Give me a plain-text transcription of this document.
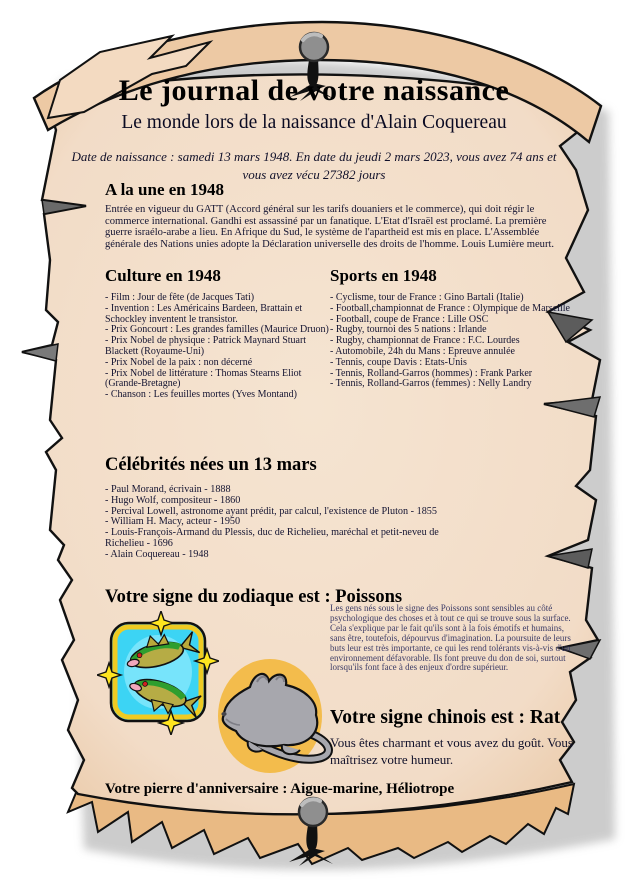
Le journal de votre naissance
Le monde lors de la naissance d'Alain Coquereau

Date de naissance : samedi 13 mars 1948. En date du jeudi 2 mars 2023, vous avez 74 ans et vous avez vécu 27382 jours

A la une en 1948

Entrée en vigueur du GATT (Accord général sur les tarifs douaniers et le commerce), qui doit régir le commerce international. Gandhi est assassiné par un fanatique. L'Etat d'Israël est proclamé. La première guerre israélo-arabe a lieu. En Afrique du Sud, le système de l'apartheid est mis en place. L'Assemblée générale des Nations unies adopte la Déclaration universelle des droits de l'homme. Louis Lumière meurt.

Culture en 1948
- Film : Jour de fête (de Jacques Tati)
- Invention : Les Américains Bardeen, Brattain et Schockley inventent le transistor.
- Prix Goncourt : Les grandes familles (Maurice Druon)
- Prix Nobel de physique : Patrick Maynard Stuart Blackett (Royaume-Uni)
- Prix Nobel de la paix : non décerné
- Prix Nobel de littérature : Thomas Stearns Eliot (Grande-Bretagne)
- Chanson : Les feuilles mortes (Yves Montand)
Sports en 1948
- Cyclisme, tour de France : Gino Bartali (Italie)
- Football,championnat de France : Olympique de Marseille
- Football, coupe de France : Lille OSC
- Rugby, tournoi des 5 nations : Irlande
- Rugby, championnat de France : F.C. Lourdes
- Automobile, 24h du Mans : Epreuve annulée
- Tennis, coupe Davis : Etats-Unis
- Tennis, Rolland-Garros (hommes) : Frank Parker
- Tennis, Rolland-Garros (femmes) : Nelly Landry
Célébrités nées un 13 mars
- Paul Morand, écrivain - 1888
- Hugo Wolf, compositeur - 1860
- Percival Lowell, astronome ayant prédit, par calcul, l'existence de Pluton - 1855
- William H. Macy, acteur - 1950
- Louis-François-Armand du Plessis, duc de Richelieu, maréchal et petit-neveu de Richelieu - 1696
- Alain Coquereau - 1948
Votre signe du zodiaque est : Poissons

Les gens nés sous le signe des Poissons sont sensibles au côté psychologique des choses et à tout ce qui se trouve sous la surface. Cela s'explique par le fait qu'ils sont à la fois émotifs et humains, sans être, toutefois, dépourvus d'imagination. La poursuite de leurs buts leur est très importante, ce qui les rend tolérants vis-à-vis d'un environnement défavorable. Ils font preuve du don de soi, surtout lorsqu'ils font face à des enjeux d'ordre supérieur.

Votre signe chinois est : Rat

Vous êtes charmant et vous avez du goût. Vous maîtrisez votre humeur.

Votre pierre d'anniversaire : Aigue-marine, Héliotrope
